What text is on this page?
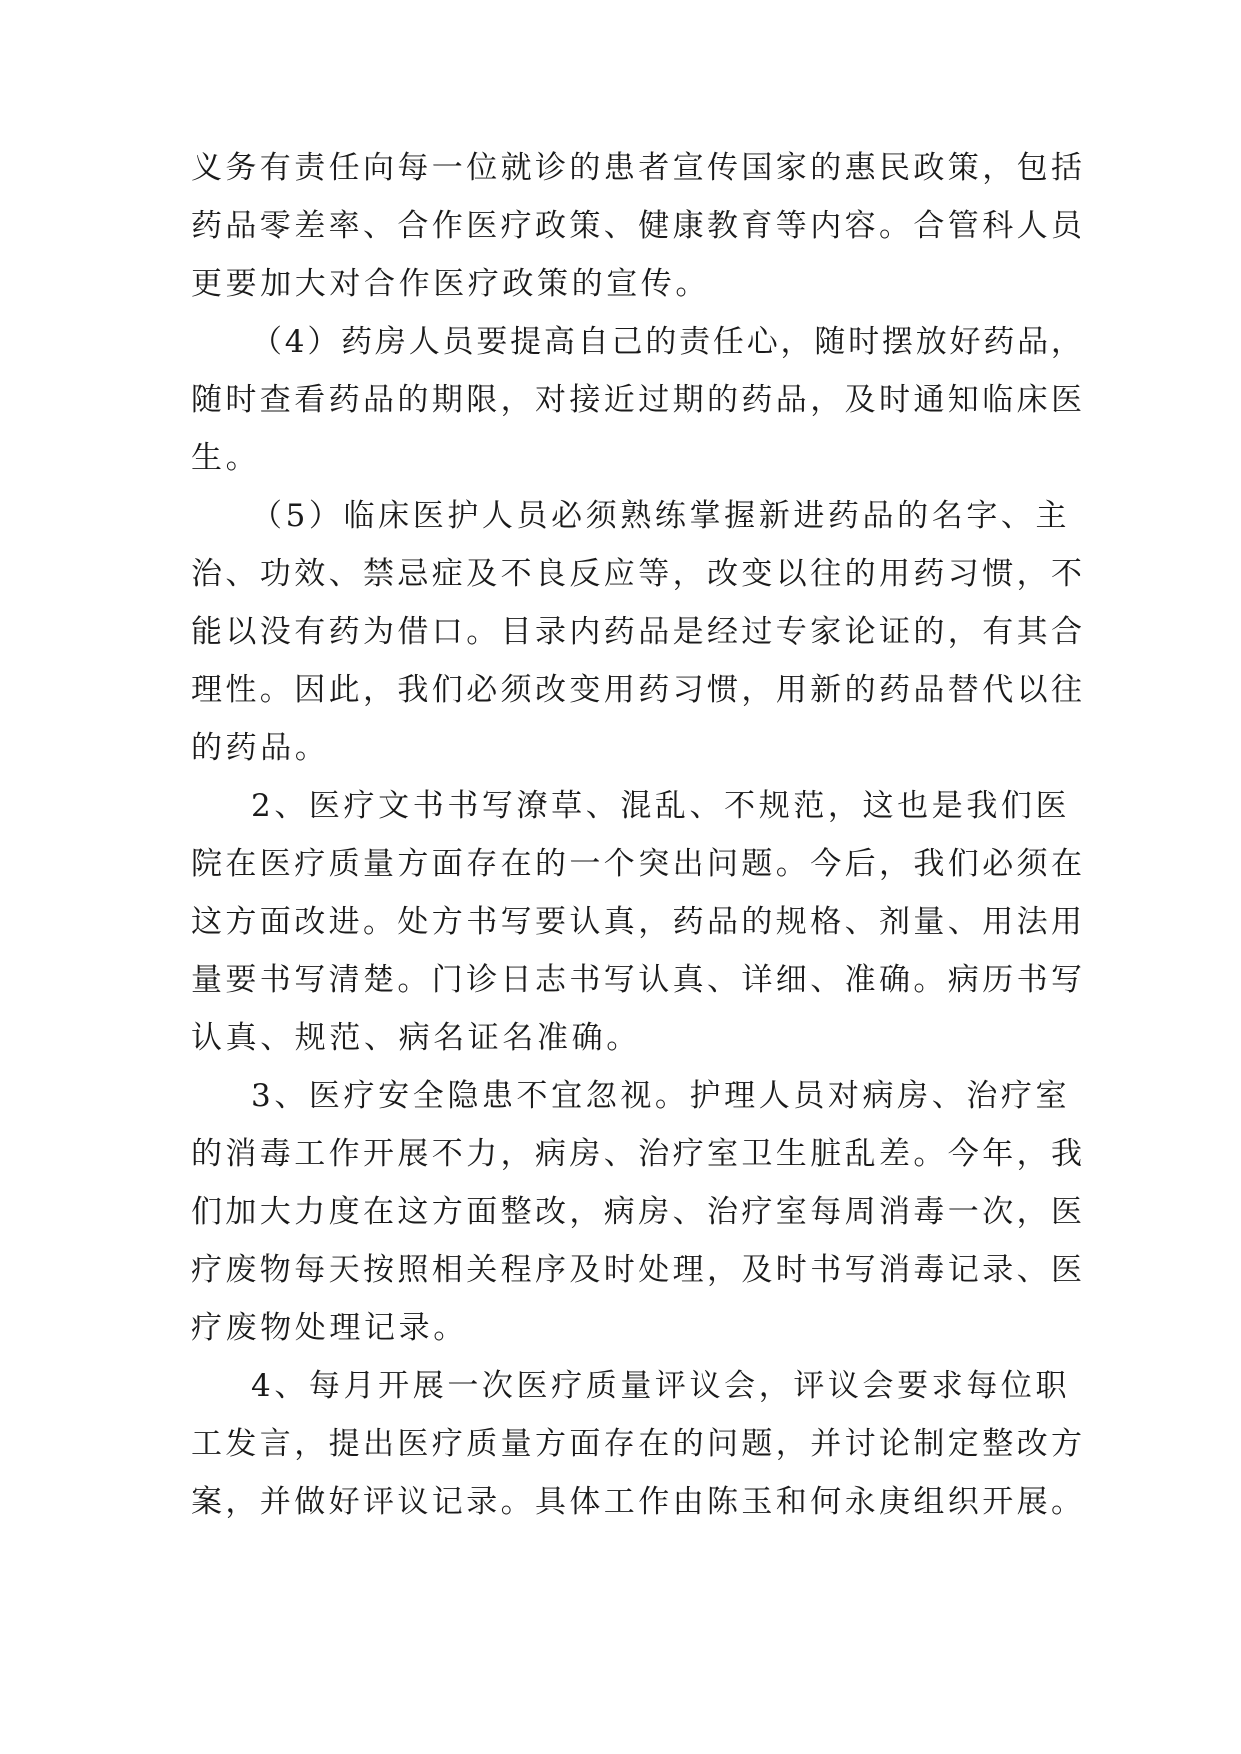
义务有责任向每一位就诊的患者宣传国家的惠民政策，包括
药品零差率、合作医疗政策、健康教育等内容。合管科人员
更要加大对合作医疗政策的宣传。
（4）药房人员要提高自己的责任心，随时摆放好药品，
随时查看药品的期限，对接近过期的药品，及时通知临床医
生。
（5）临床医护人员必须熟练掌握新进药品的名字、主
治、功效、禁忌症及不良反应等，改变以往的用药习惯，不
能以没有药为借口。目录内药品是经过专家论证的，有其合
理性。因此，我们必须改变用药习惯，用新的药品替代以往
的药品。
2、医疗文书书写潦草、混乱、不规范，这也是我们医
院在医疗质量方面存在的一个突出问题。今后，我们必须在
这方面改进。处方书写要认真，药品的规格、剂量、用法用
量要书写清楚。门诊日志书写认真、详细、准确。病历书写
认真、规范、病名证名准确。
3、医疗安全隐患不宜忽视。护理人员对病房、治疗室
的消毒工作开展不力，病房、治疗室卫生脏乱差。今年，我
们加大力度在这方面整改，病房、治疗室每周消毒一次，医
疗废物每天按照相关程序及时处理，及时书写消毒记录、医
疗废物处理记录。
4、每月开展一次医疗质量评议会，评议会要求每位职
工发言，提出医疗质量方面存在的问题，并讨论制定整改方
案，并做好评议记录。具体工作由陈玉和何永庚组织开展。
